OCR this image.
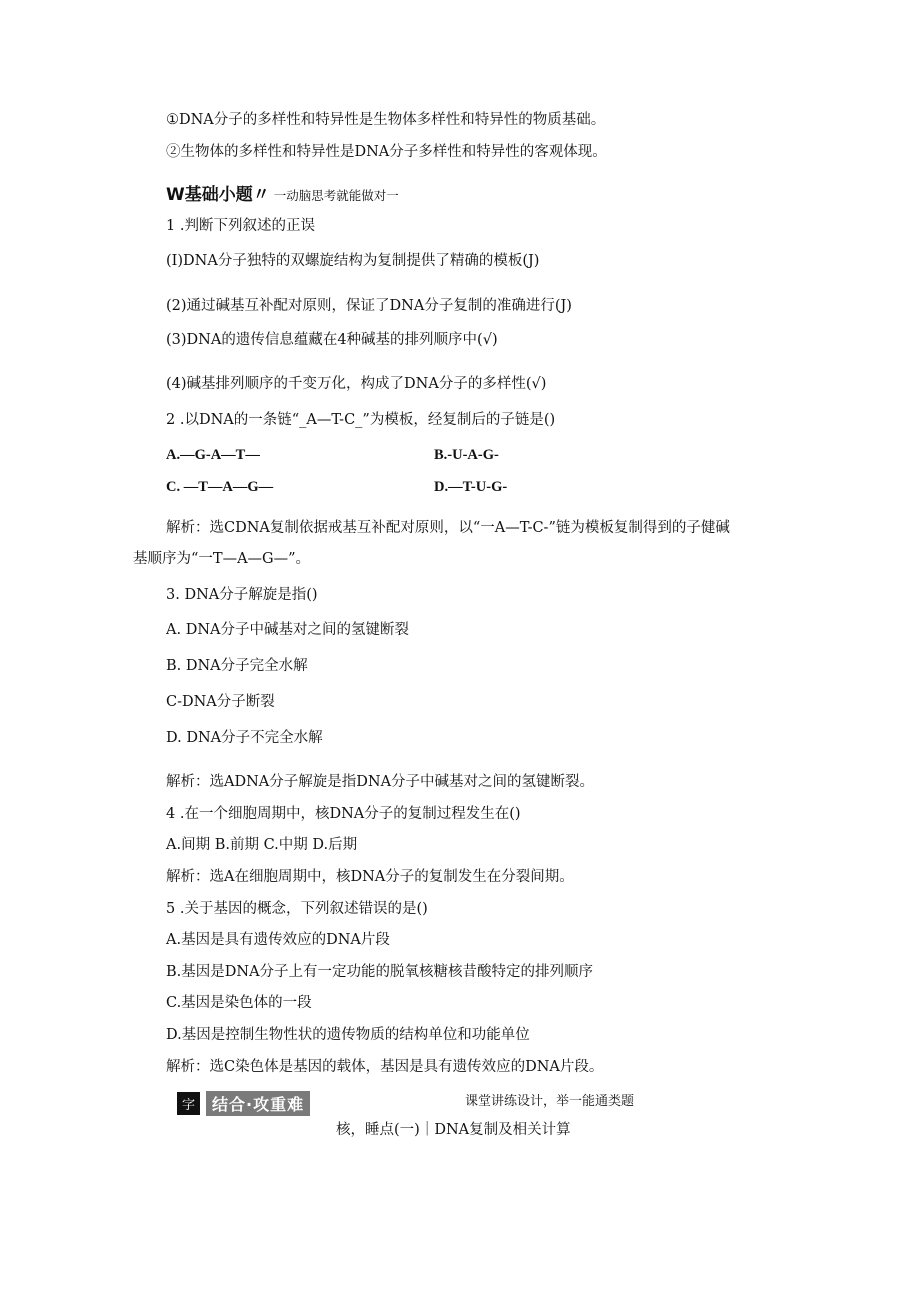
①DNA分子的多样性和特异性是生物体多样性和特异性的物质基础。
②生物体的多样性和特异性是DNA分子多样性和特异性的客观体现。
W基础小题〃 一动脑思考就能做对一
1 .判断下列叙述的正误
(I)DNA分子独特的双螺旋结构为复制提供了精确的模板(J)
(2)通过碱基互补配对原则，保证了DNA分子复制的准确进行(J)
(3)DNA的遗传信息蕴藏在4种碱基的排列顺序中(√)
(4)碱基排列顺序的千变万化，构成了DNA分子的多样性(√)
2 .以DNA的一条链“_A—T-C_”为模板，经复制后的子链是()
A.—G-A—T—	B.-U-A-G-
C. —T—A—G—	D.—T-U-G-
解析：选CDNA复制依据戒基互补配对原则，以“一A—T-C-”链为模板复制得到的子健碱
基顺序为“一T—A—G—”。
3. DNA分子解旋是指()
A. DNA分子中碱基对之间的氢键断裂
B. DNA分子完全水解
C-DNA分子断裂
D. DNA分子不完全水解
解析：选ADNA分子解旋是指DNA分子中碱基对之间的氢键断裂。
4 .在一个细胞周期中，核DNA分子的复制过程发生在()
A.间期 B.前期 C.中期 D.后期
解析：选A在细胞周期中，核DNA分子的复制发生在分裂间期。
5 .关于基因的概念，下列叙述错误的是()
A.基因是具有遗传效应的DNA片段
B.基因是DNA分子上有一定功能的脱氧核糖核昔酸特定的排列顺序
C.基因是染色体的一段
D.基因是控制生物性状的遗传物质的结构单位和功能单位
解析：选C染色体是基因的载体，基因是具有遗传效应的DNA片段。
字 结合·攻重难	课堂讲练设计，举一能通类题
核，睡点(一)｜DNA复制及相关计算
